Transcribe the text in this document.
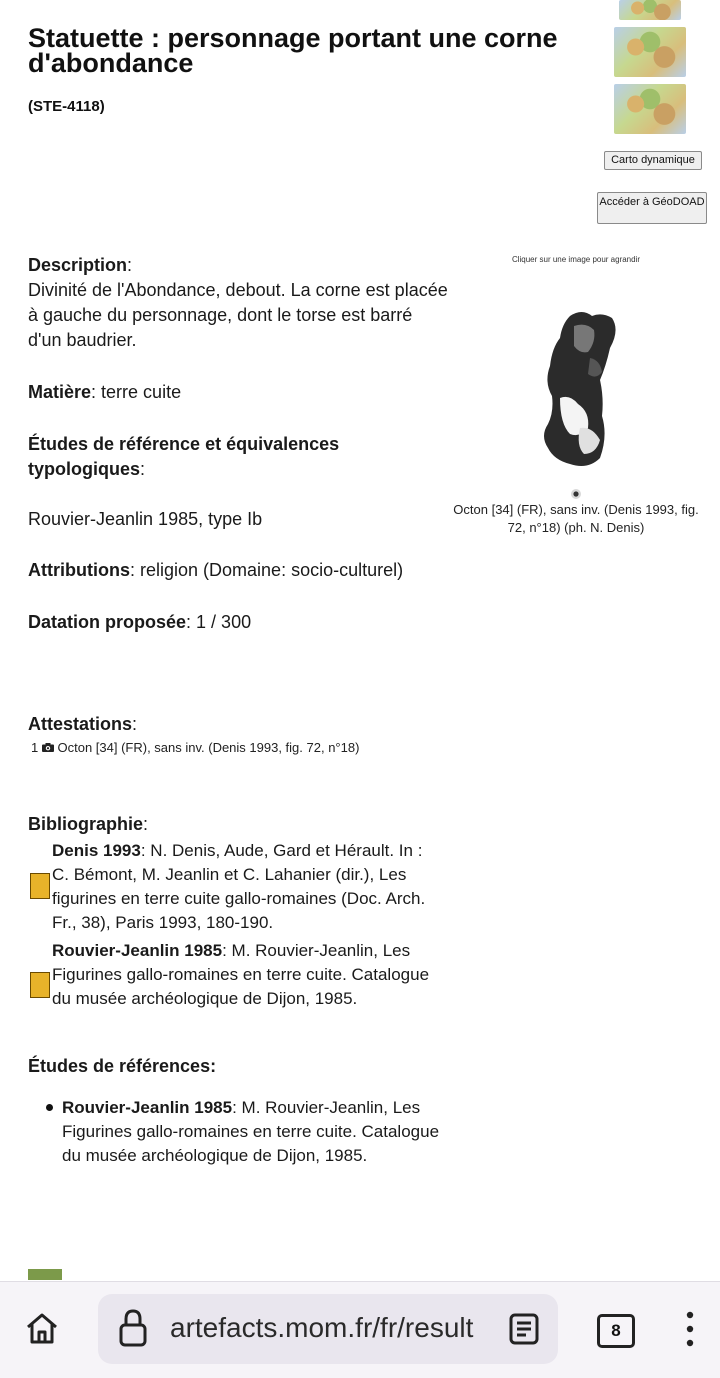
Statuette : personnage portant une corne d'abondance
(STE-4118)
Carto dynamique
Accéder à GéoDOAD
Cliquer sur une image pour agrandir
Octon [34] (FR), sans inv. (Denis 1993, fig. 72, n°18) (ph. N. Denis)
Description:
Divinité de l'Abondance, debout. La corne est placée à gauche du personnage, dont le torse est barré d'un baudrier.
Matière: terre cuite
Études de référence et équivalences typologiques:
Rouvier-Jeanlin 1985, type Ib
Attributions: religion (Domaine: socio-culturel)
Datation proposée: 1 / 300
Attestations:
1 Octon [34] (FR), sans inv. (Denis 1993, fig. 72, n°18)
Bibliographie:
Denis 1993: N. Denis, Aude, Gard et Hérault. In : C. Bémont, M. Jeanlin et C. Lahanier (dir.), Les figurines en terre cuite gallo-romaines (Doc. Arch. Fr., 38), Paris 1993, 180-190.
Rouvier-Jeanlin 1985: M. Rouvier-Jeanlin, Les Figurines gallo-romaines en terre cuite. Catalogue du musée archéologique de Dijon, 1985.
Études de références:
Rouvier-Jeanlin 1985: M. Rouvier-Jeanlin, Les Figurines gallo-romaines en terre cuite. Catalogue du musée archéologique de Dijon, 1985.
artefacts.mom.fr/fr/result	8
